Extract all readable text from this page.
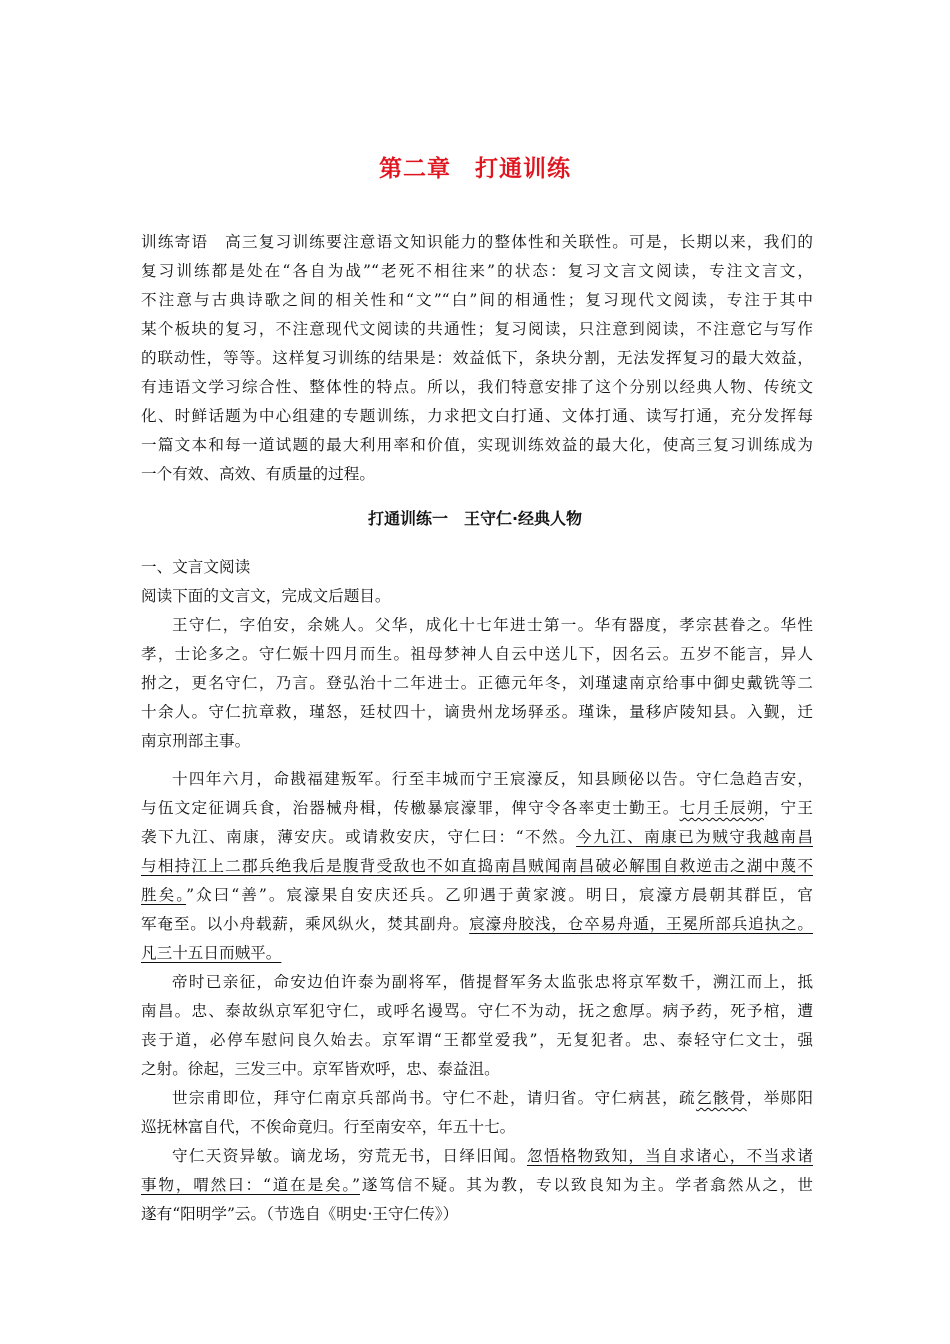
第二章　打通训练
训练寄语　高三复习训练要注意语文知识能力的整体性和关联性。可是，长期以来，我们的
复习训练都是处在“各自为战”“老死不相往来”的状态：复习文言文阅读，专注文言文，
不注意与古典诗歌之间的相关性和“文”“白”间的相通性；复习现代文阅读，专注于其中
某个板块的复习，不注意现代文阅读的共通性；复习阅读，只注意到阅读，不注意它与写作
的联动性，等等。这样复习训练的结果是：效益低下，条块分割，无法发挥复习的最大效益，
有违语文学习综合性、整体性的特点。所以，我们特意安排了这个分别以经典人物、传统文
化、时鲜话题为中心组建的专题训练，力求把文白打通、文体打通、读写打通，充分发挥每
一篇文本和每一道试题的最大利用率和价值，实现训练效益的最大化，使高三复习训练成为
一个有效、高效、有质量的过程。
打通训练一　王守仁·经典人物
一、文言文阅读
阅读下面的文言文，完成文后题目。
王守仁，字伯安，余姚人。父华，成化十七年进士第一。华有器度，孝宗甚眷之。华性
孝，士论多之。守仁娠十四月而生。祖母梦神人自云中送儿下，因名云。五岁不能言，异人
拊之，更名守仁，乃言。登弘治十二年进士。正德元年冬，刘瑾逮南京给事中御史戴铣等二
十余人。守仁抗章救，瑾怒，廷杖四十，谪贵州龙场驿丞。瑾诛，量移庐陵知县。入觐，迁
南京刑部主事。
十四年六月，命戡福建叛军。行至丰城而宁王宸濠反，知县顾佖以告。守仁急趋吉安，
与伍文定征调兵食，治器械舟楫，传檄暴宸濠罪，俾守令各率吏士勤王。七月壬辰朔，宁王
袭下九江、南康，薄安庆。或请救安庆，守仁曰：“不然。今九江、南康已为贼守我越南昌
与相持江上二郡兵绝我后是腹背受敌也不如直捣南昌贼闻南昌破必解围自救逆击之湖中蔑不
胜矣。”众曰“善”。宸濠果自安庆还兵。乙卯遇于黄家渡。明日，宸濠方晨朝其群臣，官
军奄至。以小舟载薪，乘风纵火，焚其副舟。宸濠舟胶浅，仓卒易舟遁，王冕所部兵追执之。
凡三十五日而贼平。
帝时已亲征，命安边伯许泰为副将军，偕提督军务太监张忠将京军数千，溯江而上，抵
南昌。忠、泰故纵京军犯守仁，或呼名谩骂。守仁不为动，抚之愈厚。病予药，死予棺，遭
丧于道，必停车慰问良久始去。京军谓“王都堂爱我”，无复犯者。忠、泰轻守仁文士，强
之射。徐起，三发三中。京军皆欢呼，忠、泰益沮。
世宗甫即位，拜守仁南京兵部尚书。守仁不赴，请归省。守仁病甚，疏乞骸骨，举郧阳
巡抚林富自代，不俟命竟归。行至南安卒，年五十七。
守仁天资异敏。谪龙场，穷荒无书，日绎旧闻。忽悟格物致知，当自求诸心，不当求诸
事物，喟然曰：“道在是矣。”遂笃信不疑。其为教，专以致良知为主。学者翕然从之，世
遂有“阳明学”云。（节选自《明史·王守仁传》）
